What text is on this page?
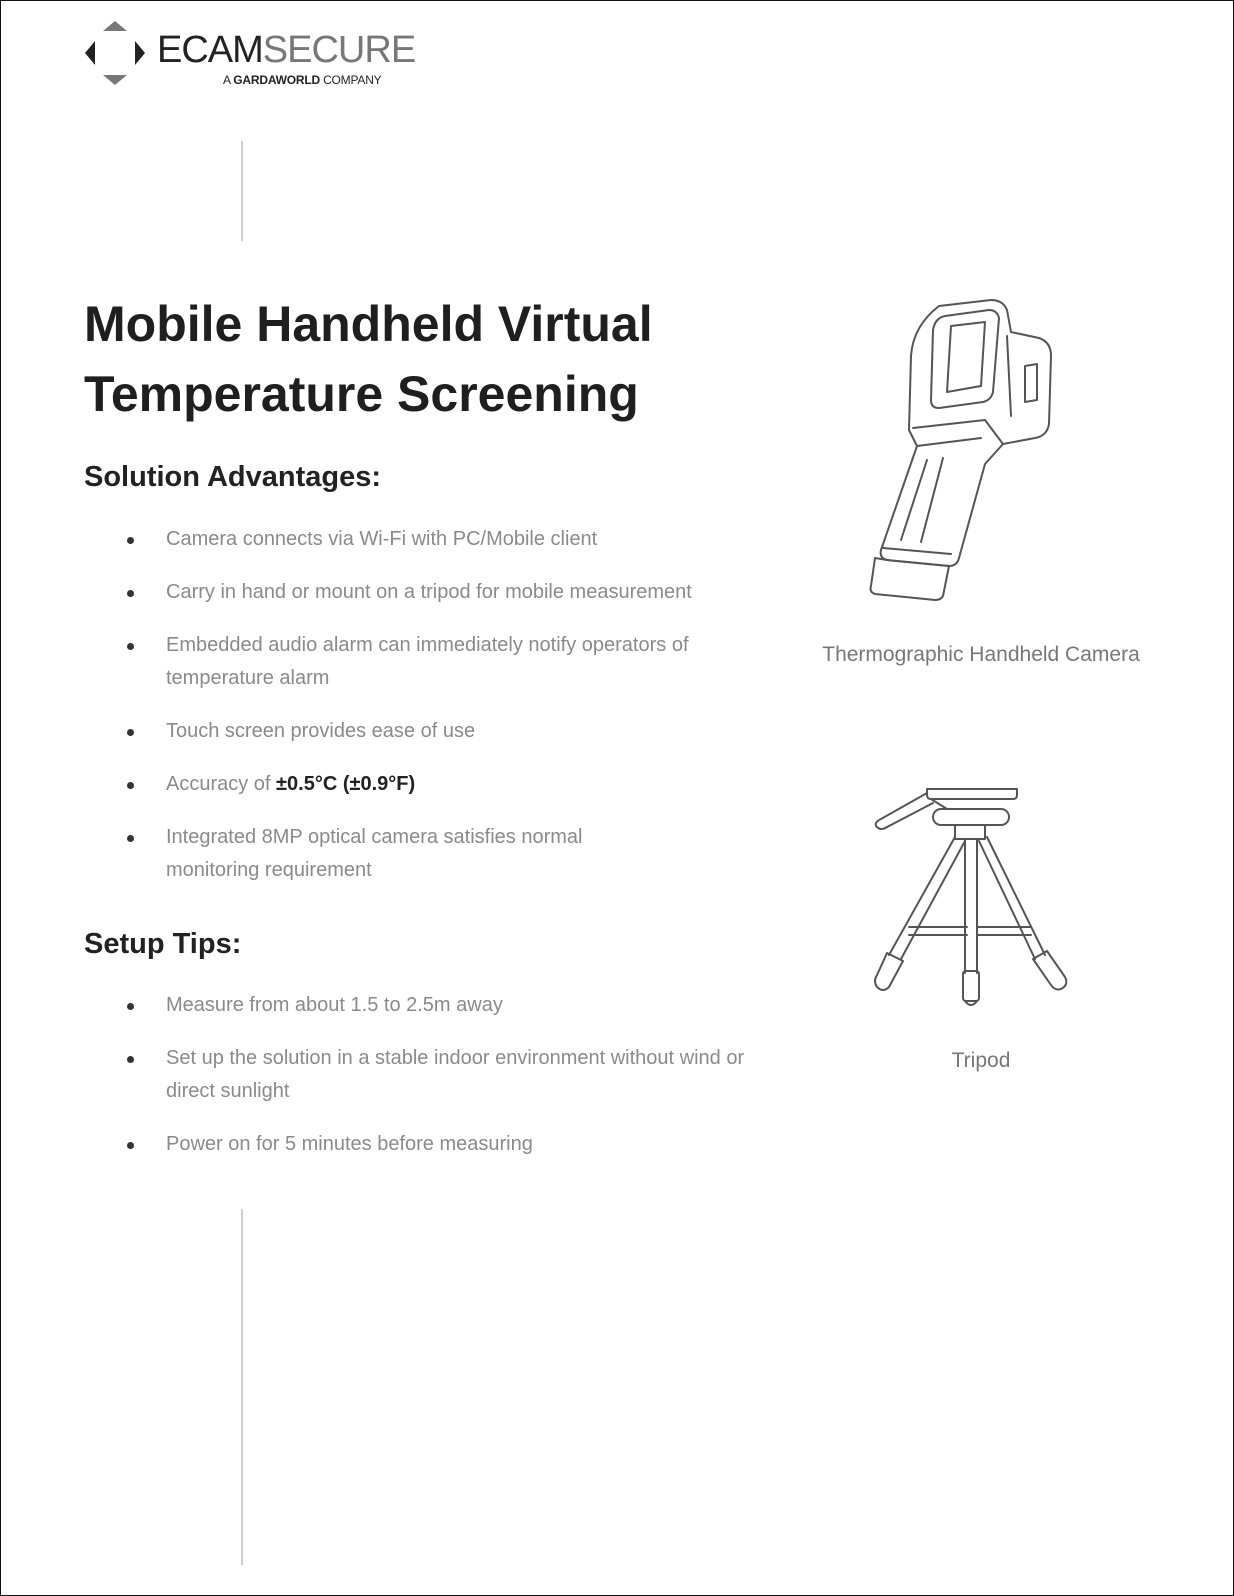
ECAMSECURE
A GARDAWORLD COMPANY
Mobile Handheld Virtual
Temperature Screening
Solution Advantages:
Camera connects via Wi-Fi with PC/Mobile client
Carry in hand or mount on a tripod for mobile measurement
Embedded audio alarm can immediately notify operators of temperature alarm
Touch screen provides ease of use
Accuracy of ±0.5°C (±0.9°F)
Integrated 8MP optical camera satisfies normal monitoring requirement
Setup Tips:
Measure from about 1.5 to 2.5m away
Set up the solution in a stable indoor environment without wind or direct sunlight
Power on for 5 minutes before measuring
Thermographic Handheld Camera
Tripod
